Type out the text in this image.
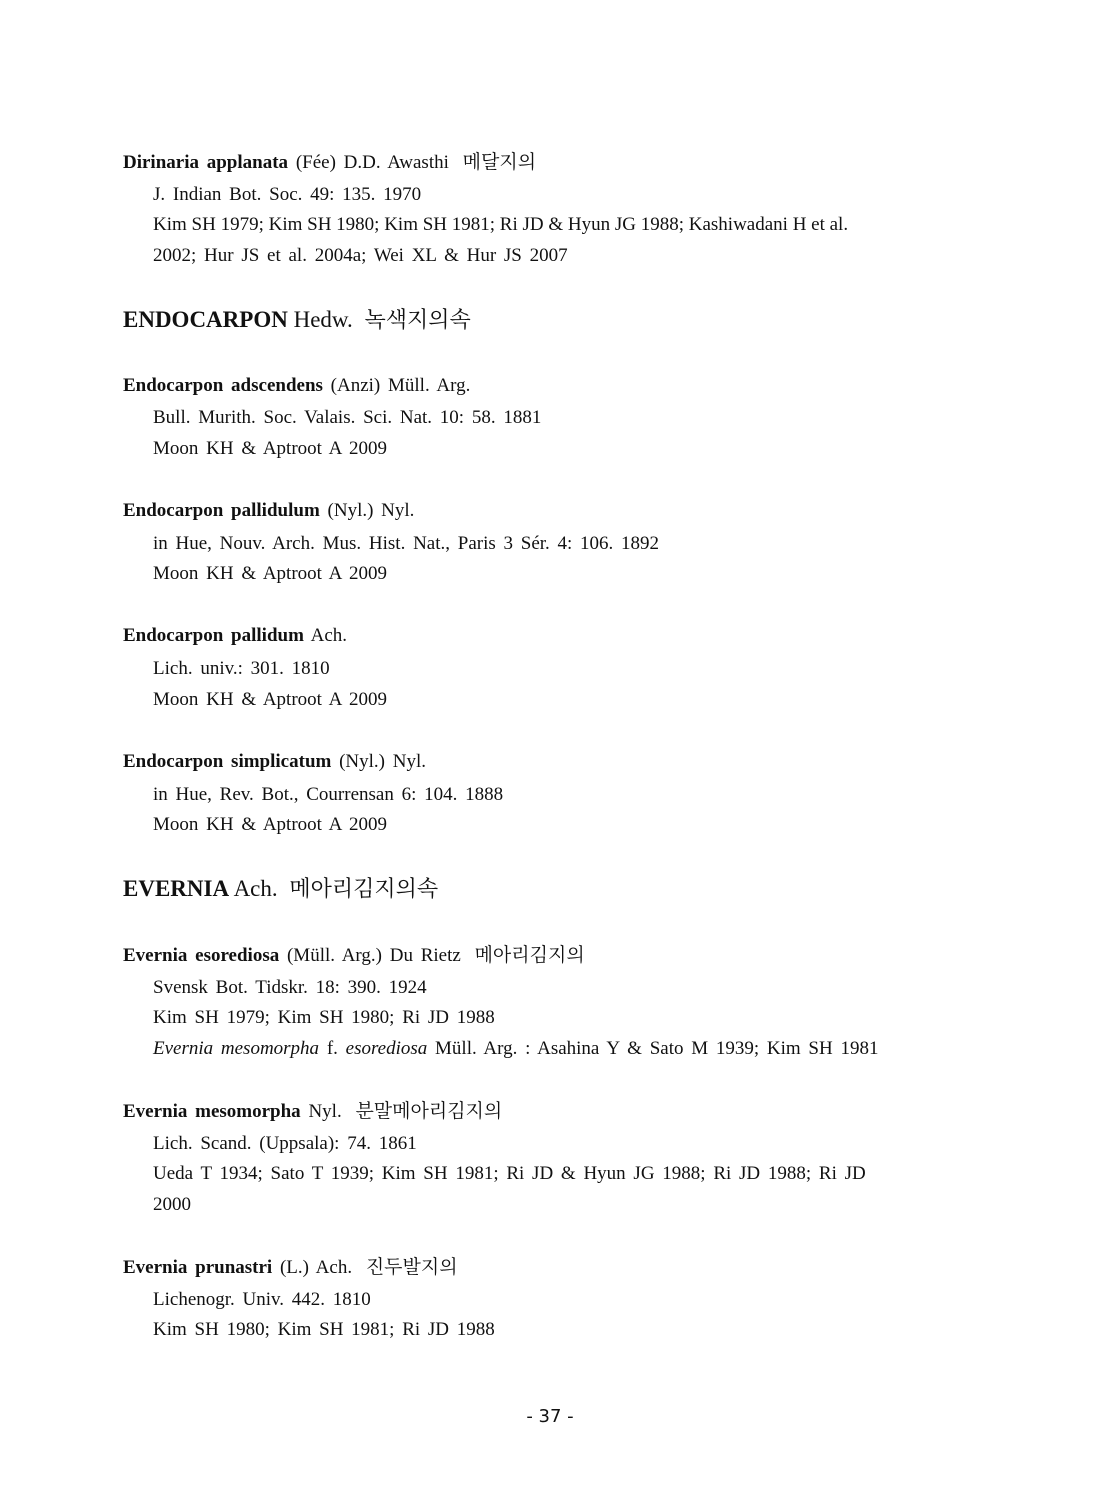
Dirinaria applanata (Fée) D.D. Awasthi 메달지의
J. Indian Bot. Soc. 49: 135. 1970
Kim SH 1979; Kim SH 1980; Kim SH 1981; Ri JD & Hyun JG 1988; Kashiwadani H et al.
2002; Hur JS et al. 2004a; Wei XL & Hur JS 2007
ENDOCARPON Hedw. 녹색지의속
Endocarpon adscendens (Anzi) Müll. Arg.
Bull. Murith. Soc. Valais. Sci. Nat. 10: 58. 1881
Moon KH & Aptroot A 2009
Endocarpon pallidulum (Nyl.) Nyl.
in Hue, Nouv. Arch. Mus. Hist. Nat., Paris 3 Sér. 4: 106. 1892
Moon KH & Aptroot A 2009
Endocarpon pallidum Ach.
Lich. univ.: 301. 1810
Moon KH & Aptroot A 2009
Endocarpon simplicatum (Nyl.) Nyl.
in Hue, Rev. Bot., Courrensan 6: 104. 1888
Moon KH & Aptroot A 2009
EVERNIA Ach. 메아리김지의속
Evernia esorediosa (Müll. Arg.) Du Rietz 메아리김지의
Svensk Bot. Tidskr. 18: 390. 1924
Kim SH 1979; Kim SH 1980; Ri JD 1988
Evernia mesomorpha f. esorediosa Müll. Arg. : Asahina Y & Sato M 1939; Kim SH 1981
Evernia mesomorpha Nyl. 분말메아리김지의
Lich. Scand. (Uppsala): 74. 1861
Ueda T 1934; Sato T 1939; Kim SH 1981; Ri JD & Hyun JG 1988; Ri JD 1988; Ri JD
2000
Evernia prunastri (L.) Ach. 진두발지의
Lichenogr. Univ. 442. 1810
Kim SH 1980; Kim SH 1981; Ri JD 1988
- 37 -
